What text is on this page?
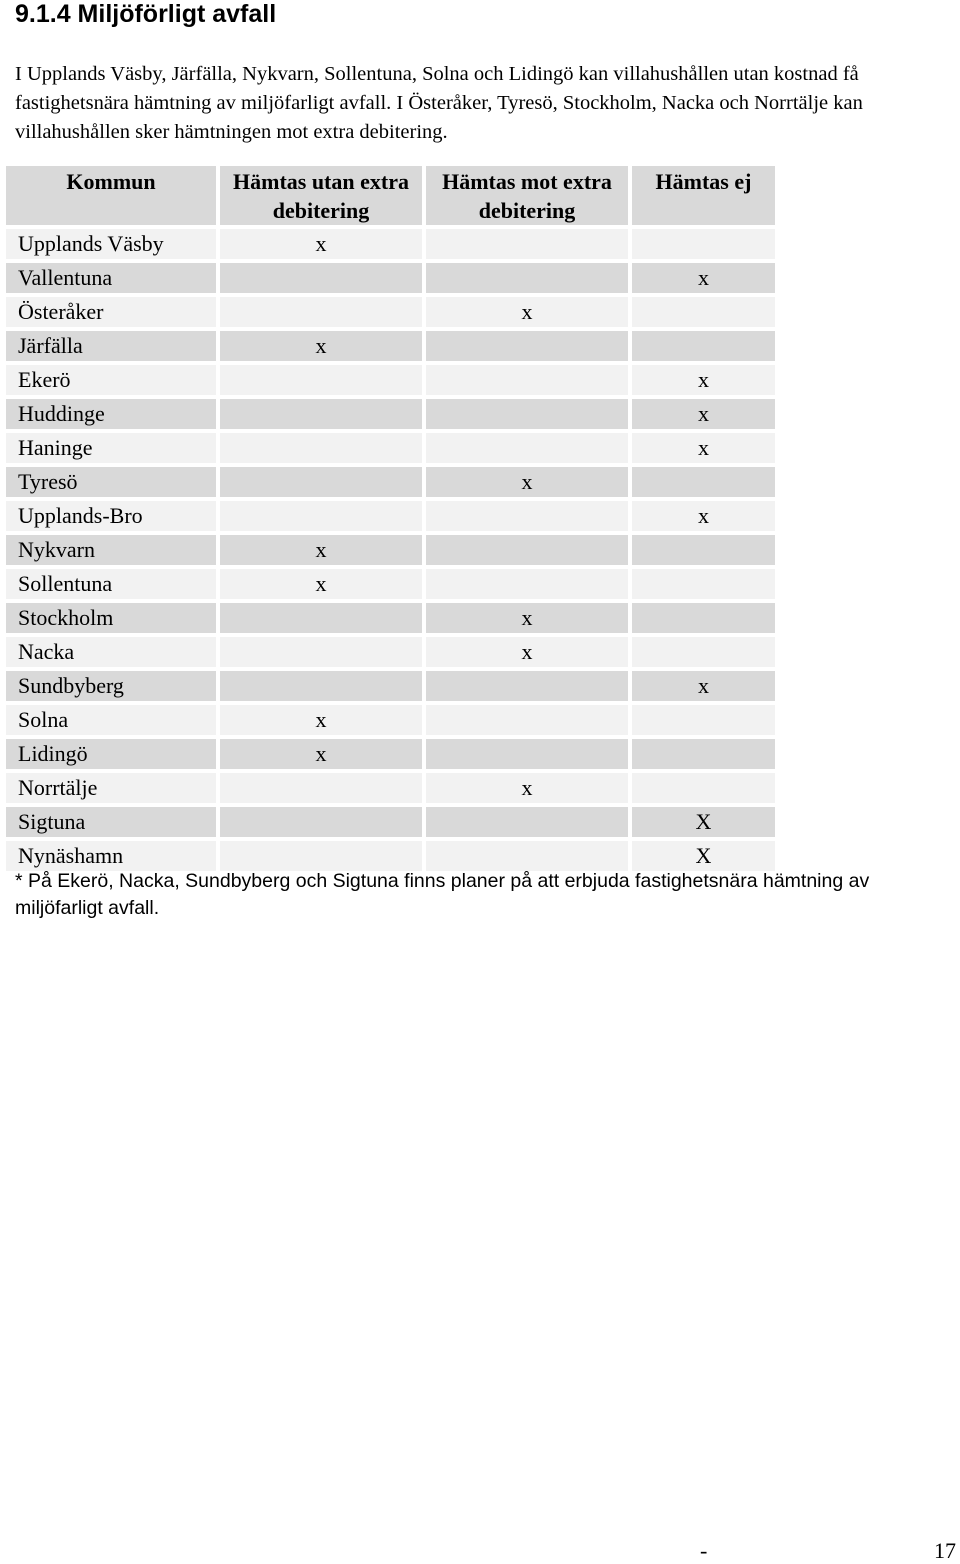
9.1.4 Miljöförligt avfall

I Upplands Väsby, Järfälla, Nykvarn, Sollentuna, Solna och Lidingö kan villahushållen utan kostnad få fastighetsnära hämtning av miljöfarligt avfall. I Österåker, Tyresö, Stockholm, Nacka och Norrtälje kan villahushållen sker hämtningen mot extra debitering.

Kommun	Hämtas utan extra debitering	Hämtas mot extra debitering	Hämtas ej
Upplands Väsby	x		
Vallentuna			x
Österåker		x	
Järfälla	x		
Ekerö			x
Huddinge			x
Haninge			x
Tyresö		x	
Upplands-Bro			x
Nykvarn	x		
Sollentuna	x		
Stockholm		x	
Nacka		x	
Sundbyberg			x
Solna	x		
Lidingö	x		
Norrtälje		x	
Sigtuna			X
Nynäshamn			X

* På Ekerö, Nacka, Sundbyberg och Sigtuna finns planer på att erbjuda fastighetsnära hämtning av miljöfarligt avfall.

-	17
